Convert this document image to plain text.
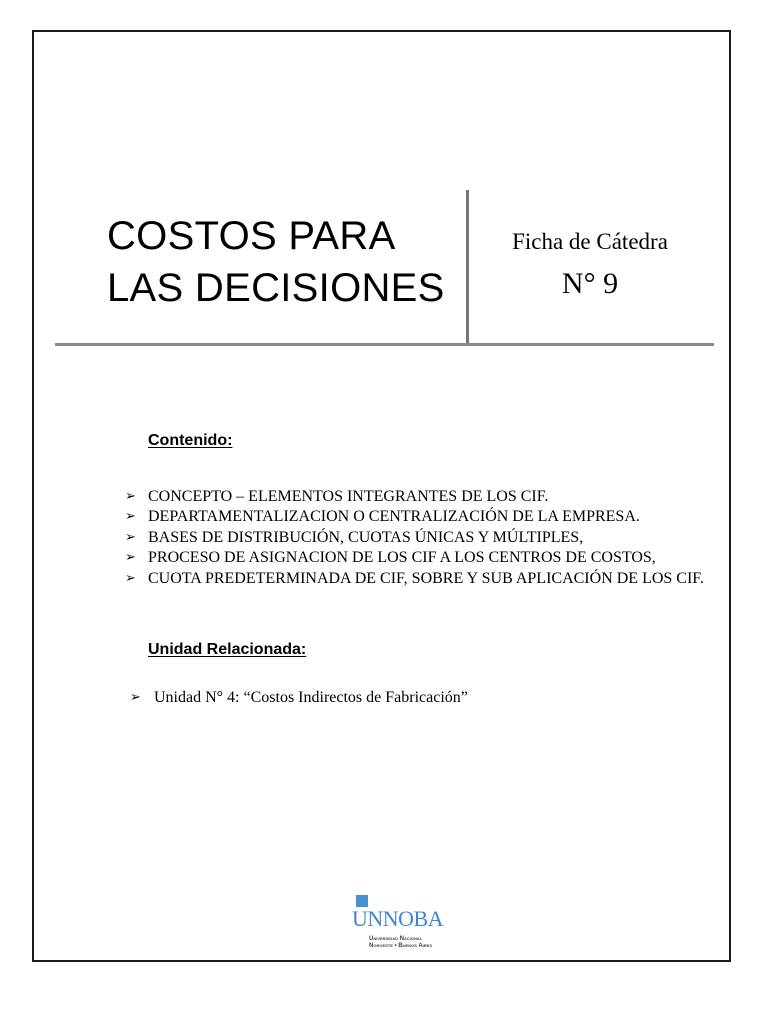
COSTOS PARA
LAS DECISIONES
Ficha de Cátedra
N° 9
Contenido:
➢ CONCEPTO – ELEMENTOS INTEGRANTES DE LOS CIF.
➢ DEPARTAMENTALIZACION O CENTRALIZACIÓN DE LA EMPRESA.
➢ BASES DE DISTRIBUCIÓN, CUOTAS ÚNICAS Y MÚLTIPLES,
➢ PROCESO DE ASIGNACION DE LOS CIF A LOS CENTROS DE COSTOS,
➢ CUOTA PREDETERMINADA DE CIF, SOBRE Y SUB APLICACIÓN DE LOS CIF.
Unidad Relacionada:
➢ Unidad N° 4: “Costos Indirectos de Fabricación”
UNNOBA
Universidad Nacional
Noroeste • Buenos Aires
